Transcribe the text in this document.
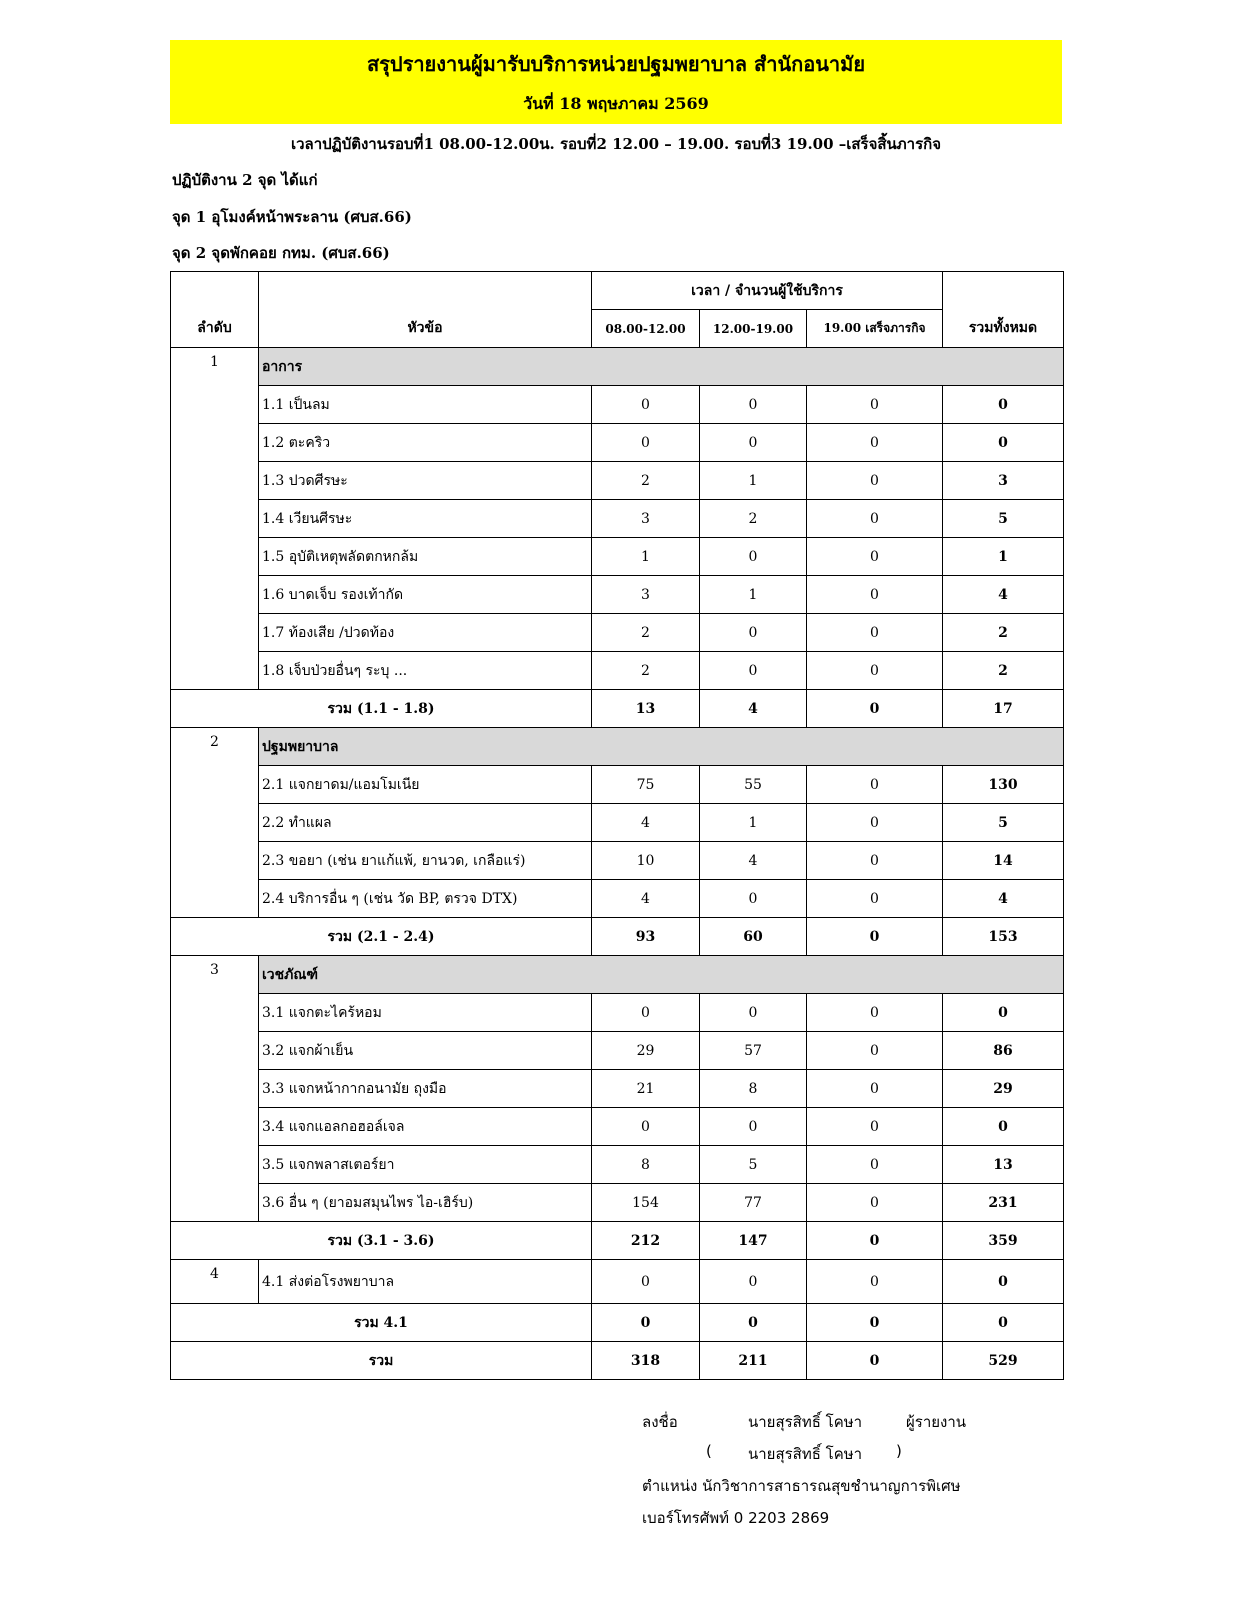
สรุปรายงานผู้มารับบริการหน่วยปฐมพยาบาล สำนักอนามัย
วันที่ 18 พฤษภาคม 2569
เวลาปฏิบัติงานรอบที่1 08.00-12.00น. รอบที่2 12.00 – 19.00. รอบที่3 19.00 –เสร็จสิ้นภารกิจ
ปฏิบัติงาน 2 จุด ได้แก่
จุด 1 อุโมงค์หน้าพระลาน (ศบส.66)
จุด 2 จุดพักคอย กทม. (ศบส.66)
ลำดับ	หัวข้อ	เวลา / จำนวนผู้ใช้บริการ			รวมทั้งหมด
		08.00-12.00	12.00-19.00	19.00 เสร็จภารกิจ	
1	อาการ				
	1.1 เป็นลม	0	0	0	0
	1.2 ตะคริว	0	0	0	0
	1.3 ปวดศีรษะ	2	1	0	3
	1.4 เวียนศีรษะ	3	2	0	5
	1.5 อุบัติเหตุพลัดตกหกล้ม	1	0	0	1
	1.6 บาดเจ็บ รองเท้ากัด	3	1	0	4
	1.7 ท้องเสีย /ปวดท้อง	2	0	0	2
	1.8 เจ็บป่วยอื่นๆ ระบุ ...	2	0	0	2
รวม (1.1 - 1.8)		13	4	0	17
2	ปฐมพยาบาล				
	2.1 แจกยาดม/แอมโมเนีย	75	55	0	130
	2.2 ทำแผล	4	1	0	5
	2.3 ขอยา (เช่น ยาแก้แพ้, ยานวด, เกลือแร่)	10	4	0	14
	2.4 บริการอื่น ๆ (เช่น วัด BP, ตรวจ DTX)	4	0	0	4
รวม (2.1 - 2.4)		93	60	0	153
3	เวชภัณฑ์				
	3.1 แจกตะไคร้หอม	0	0	0	0
	3.2 แจกผ้าเย็น	29	57	0	86
	3.3 แจกหน้ากากอนามัย ถุงมือ	21	8	0	29
	3.4 แจกแอลกอฮอล์เจล	0	0	0	0
	3.5 แจกพลาสเตอร์ยา	8	5	0	13
	3.6 อื่น ๆ (ยาอมสมุนไพร ไอ-เฮิร์บ)	154	77	0	231
รวม (3.1 - 3.6)		212	147	0	359
4	4.1 ส่งต่อโรงพยาบาล	0	0	0	0
รวม 4.1		0	0	0	0
รวม		318	211	0	529
ลงชื่อ	นายสุรสิทธิ์ โคษา	ผู้รายงาน
( นายสุรสิทธิ์ โคษา )
ตำแหน่ง นักวิชาการสาธารณสุขชำนาญการพิเศษ
เบอร์โทรศัพท์ 0 2203 2869
